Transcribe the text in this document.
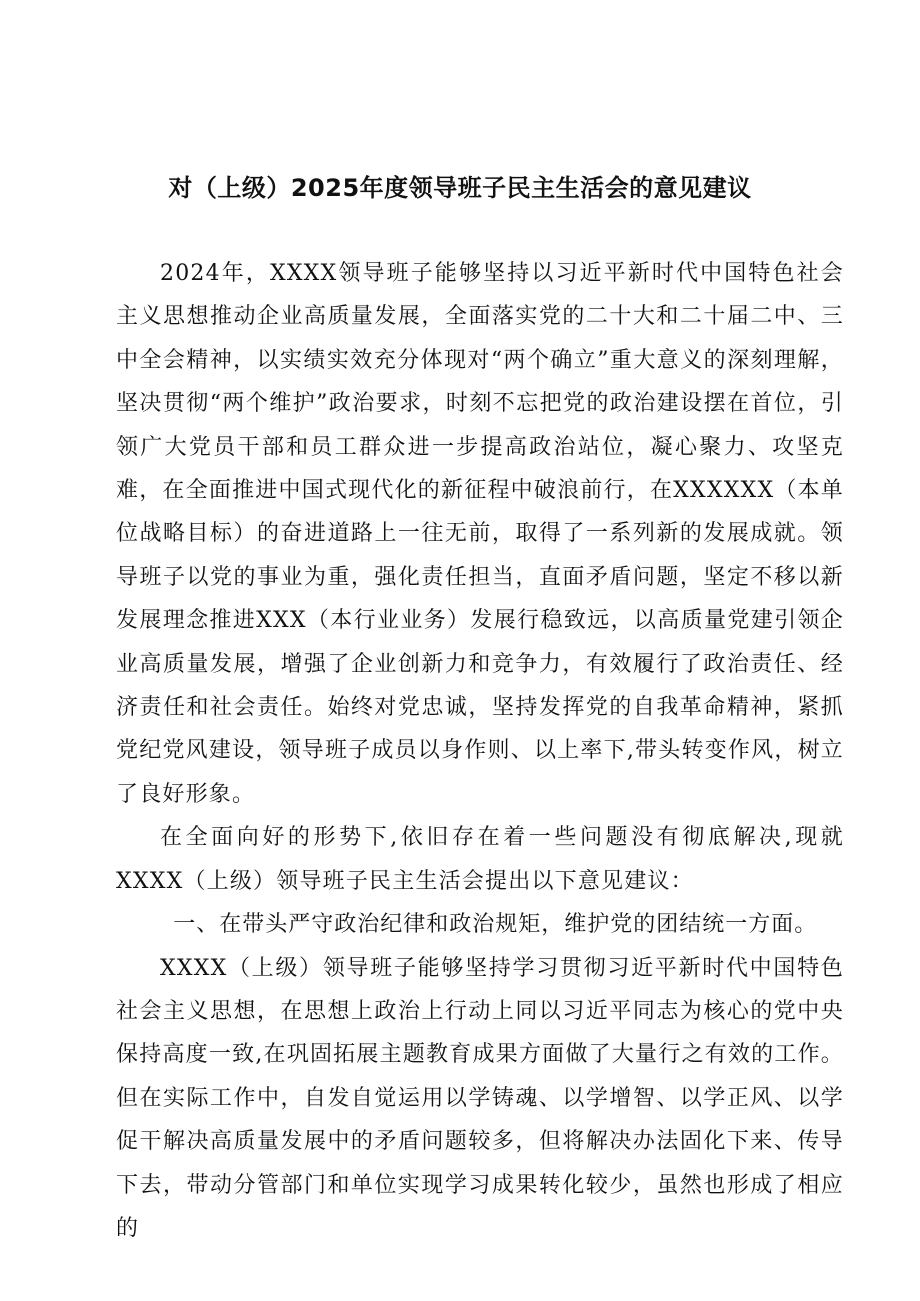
对（上级）2025年度领导班子民主生活会的意见建议

2024年，XXXX领导班子能够坚持以习近平新时代中国特色社会主义思想推动企业高质量发展，全面落实党的二十大和二十届二中、三中全会精神，以实绩实效充分体现对“两个确立”重大意义的深刻理解，坚决贯彻“两个维护”政治要求，时刻不忘把党的政治建设摆在首位，引领广大党员干部和员工群众进一步提高政治站位，凝心聚力、攻坚克难，在全面推进中国式现代化的新征程中破浪前行，在XXXXXX（本单位战略目标）的奋进道路上一往无前，取得了一系列新的发展成就。领导班子以党的事业为重，强化责任担当，直面矛盾问题，坚定不移以新发展理念推进XXX（本行业业务）发展行稳致远，以高质量党建引领企业高质量发展，增强了企业创新力和竞争力，有效履行了政治责任、经济责任和社会责任。始终对党忠诚，坚持发挥党的自我革命精神，紧抓党纪党风建设，领导班子成员以身作则、以上率下,带头转变作风，树立了良好形象。

在全面向好的形势下,依旧存在着一些问题没有彻底解决,现就XXXX（上级）领导班子民主生活会提出以下意见建议：

一、在带头严守政治纪律和政治规矩，维护党的团结统一方面。

XXXX（上级）领导班子能够坚持学习贯彻习近平新时代中国特色社会主义思想，在思想上政治上行动上同以习近平同志为核心的党中央保持高度一致,在巩固拓展主题教育成果方面做了大量行之有效的工作。但在实际工作中，自发自觉运用以学铸魂、以学增智、以学正风、以学促干解决高质量发展中的矛盾问题较多，但将解决办法固化下来、传导下去，带动分管部门和单位实现学习成果转化较少，虽然也形成了相应的
